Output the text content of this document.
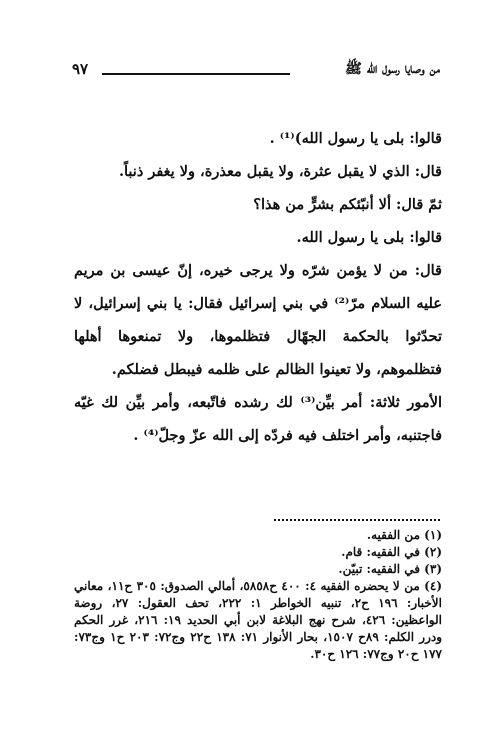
من وصايا رسول الله ﷺ
٩٧

قالوا: بلى يا رسول الله)⁽¹⁾ .

قال: الذي لا يقبل عثرة، ولا يقبل معذرة، ولا يغفر ذنباً.

ثمّ قال: ألا أنبّئكم بشرٍّ من هذا؟

قالوا: بلى يا رسول الله.

قال: من لا يؤمن شرّه ولا يرجى خيره، إنّ عيسى بن مريم عليه السلام مرّ⁽²⁾ في بني إسرائيل فقال: يا بني إسرائيل، لا تحدّثوا بالحكمة الجهّال فتظلموها، ولا تمنعوها أهلها فتظلموهم، ولا تعينوا الظالم على ظلمه فيبطل فضلكم.

الأمور ثلاثة: أمر بيِّن⁽³⁾ لك رشده فاتّبعه، وأمر بيِّن لك غيّه فاجتنبه، وأمر اختلف فيه فردّه إلى الله عزّ وجلّ⁽⁴⁾ .

(١) من الفقيه.

(٢) في الفقيه: قام.

(٣) في الفقيه: تبيّن.

(٤) من لا يحضره الفقيه ٤: ٤٠٠ ح٥٨٥٨، أمالي الصدوق: ٣٠٥ ح١١، معاني الأخبار: ١٩٦ ح٢، تنبيه الخواطر ١: ٢٢٢، تحف العقول: ٢٧، روضة الواعظين: ٤٢٦، شرح نهج البلاغة لابن أبي الحديد ١٩: ٢١٦، غرر الحكم ودرر الكلم: ٨٩ح ١٥٠٧، بحار الأنوار ٧١: ١٣٨ ح٢٢ وج٧٢: ٢٠٣ ح١ وج٧٣: ١٧٧ ح٢٠ وج٧٧: ١٢٦ ح٣٠.
